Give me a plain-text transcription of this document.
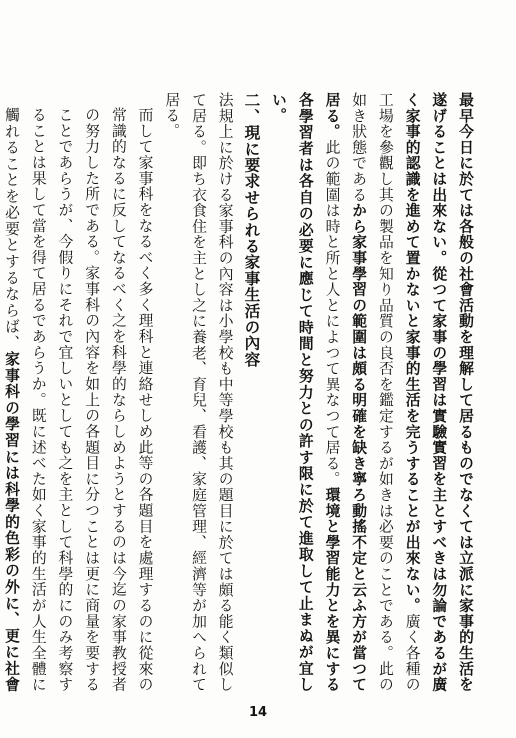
最早今日に於ては各般の社會活動を理解して居るものでなくては立派に家事的生活を遂げることは出來ない。從つて家事の學習は實驗實習を主とすべきは勿論であるが廣く家事的認識を進めて置かないと家事的生活を完うすることが出來ない。廣く各種の工場を參觀し其の製品を知り品質の良否を鑑定するが如きは必要のことである。此の如き狀態であるから家事學習の範圍は頗る明確を缺き寧ろ動搖不定と云ふ方が當つて居る。此の範圍は時と所と人とによつて異なつて居る。環境と學習能力とを異にする各學習者は各自の必要に應じて時間と努力との許す限に於て進取して止まぬが宜しい。

二、現に要求せられる家事生活の內容

法規上に於ける家事科の內容は小學校も中等學校も其の題目に於ては頗る能く類似して居る。即ち衣食住を主とし之に養老、育兒、看護、家庭管理、經濟等が加へられて居る。

而して家事科をなるべく多く理科と連絡せしめ此等の各題目を處理するのに從來の常識的なるに反してなるべく之を科學的ならしめようとするのは今迄の家事教授者の努力した所である。家事科の內容を如上の各題目に分つことは更に商量を要することであらうが、今假りにそれで宜しいとしても之を主として科學的にのみ考察することは果して當を得て居るであらうか。既に述べた如く家事的生活が人生全體に觸れることを必要とするならば、家事科の學習には科學的色彩の外に、更に社會

14
